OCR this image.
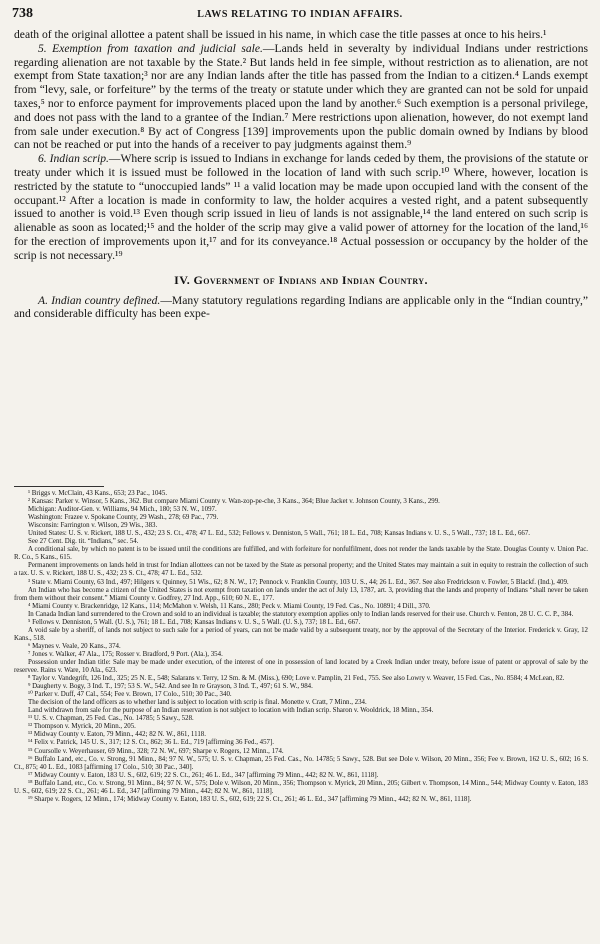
738	LAWS RELATING TO INDIAN AFFAIRS.

death of the original allottee a patent shall be issued in his name, in which case the title passes at once to his heirs.¹

5. Exemption from taxation and judicial sale.—Lands held in severalty by individual Indians under restrictions regarding alienation are not taxable by the State.² But lands held in fee simple, without restriction as to alienation, are not exempt from State taxation;³ nor are any Indian lands after the title has passed from the Indian to a citizen.⁴ Lands exempt from “levy, sale, or forfeiture” by the terms of the treaty or statute under which they are granted can not be sold for unpaid taxes,⁵ nor to enforce payment for improvements placed upon the land by another.⁶ Such exemption is a personal privilege, and does not pass with the land to a grantee of the Indian.⁷ Mere restrictions upon alienation, however, do not exempt land from sale under execution.⁸ By act of Congress [139] improvements upon the public domain owned by Indians by blood can not be reached or put into the hands of a receiver to pay judgments against them.⁹

6. Indian scrip.—Where scrip is issued to Indians in exchange for lands ceded by them, the provisions of the statute or treaty under which it is issued must be followed in the location of land with such scrip.¹⁰ Where, however, location is restricted by the statute to “unoccupied lands” ¹¹ a valid location may be made upon occupied land with the consent of the occupant.¹² After a location is made in conformity to law, the holder acquires a vested right, and a patent subsequently issued to another is void.¹³ Even though scrip issued in lieu of lands is not assignable,¹⁴ the land entered on such scrip is alienable as soon as located;¹⁵ and the holder of the scrip may give a valid power of attorney for the location of the land,¹⁶ for the erection of improvements upon it,¹⁷ and for its conveyance.¹⁸ Actual possession or occupancy by the holder of the scrip is not necessary.¹⁹

IV. Government of Indians and Indian Country.

A. Indian country defined.—Many statutory regulations regarding Indians are applicable only in the “Indian country,” and considerable difficulty has been expe-

¹ Briggs v. McClain, 43 Kans., 653; 23 Pac., 1045.

² Kansas: Parker v. Winsor, 5 Kans., 362. But compare Miami County v. Wan-zop-pe-che, 3 Kans., 364; Blue Jacket v. Johnson County, 3 Kans., 299.

Michigan: Auditor-Gen. v. Williams, 94 Mich., 180; 53 N. W., 1097.

Washington: Frazee v. Spokane County, 29 Wash., 278; 69 Pac., 779.

Wisconsin: Farrington v. Wilson, 29 Wis., 383.

United States: U. S. v. Rickert, 188 U. S., 432; 23 S. Ct., 478; 47 L. Ed., 532; Fellows v. Denniston, 5 Wall., 761; 18 L. Ed., 708; Kansas Indians v. U. S., 5 Wall., 737; 18 L. Ed., 667.

See 27 Cent. Dig. tit. “Indians,” sec. 54.

A conditional sale, by which no patent is to be issued until the conditions are fulfilled, and with forfeiture for nonfulfilment, does not render the lands taxable by the State. Douglas County v. Union Pac. R. Co., 5 Kans., 615.

Permanent improvements on lands held in trust for Indian allottees can not be taxed by the State as personal property; and the United States may maintain a suit in equity to restrain the collection of such a tax. U. S. v. Rickert, 188 U. S., 432; 23 S. Ct., 478; 47 L. Ed., 532.

³ State v. Miami County, 63 Ind., 497; Hilgers v. Quinney, 51 Wis., 62; 8 N. W., 17; Pennock v. Franklin County, 103 U. S., 44; 26 L. Ed., 367. See also Fredrickson v. Fowler, 5 Blackf. (Ind.), 409.

An Indian who has become a citizen of the United States is not exempt from taxation on lands under the act of July 13, 1787, art. 3, providing that the lands and property of Indians “shall never be taken from them without their consent.” Miami County v. Godfrey, 27 Ind. App., 610; 60 N. E., 177.

⁴ Miami County v. Brackenridge, 12 Kans., 114; McMahon v. Welsh, 11 Kans., 280; Peck v. Miami County, 19 Fed. Cas., No. 10891; 4 Dill., 370.

In Canada Indian land surrendered to the Crown and sold to an individual is taxable; the statutory exemption applies only to Indian lands reserved for their use. Church v. Fenton, 28 U. C. C. P., 384.

⁵ Fellows v. Denniston, 5 Wall. (U. S.), 761; 18 L. Ed., 708; Kansas Indians v. U. S., 5 Wall. (U. S.), 737; 18 L. Ed., 667.

A void sale by a sheriff, of lands not subject to such sale for a period of years, can not be made valid by a subsequent treaty, nor by the approval of the Secretary of the Interior. Frederick v. Gray, 12 Kans., 518.

⁶ Maynes v. Veale, 20 Kans., 374.

⁷ Jones v. Walker, 47 Ala., 175; Rosser v. Bradford, 9 Port. (Ala.), 354.

Possession under Indian title: Sale may be made under execution, of the interest of one in possession of land located by a Creek Indian under treaty, before issue of patent or approval of sale by the reservee. Rains v. Ware, 10 Ala., 623.

⁸ Taylor v. Vandegrift, 126 Ind., 325; 25 N. E., 548; Salarans v. Terry, 12 Sm. & M. (Miss.), 690; Love v. Pamplin, 21 Fed., 755. See also Lowry v. Weaver, 15 Fed. Cas., No. 8584; 4 McLean, 82.

⁹ Daugherty v. Bogy, 3 Ind. T., 197; 53 S. W., 542. And see In re Grayson, 3 Ind. T., 497; 61 S. W., 984.

¹⁰ Parker v. Duff, 47 Cal., 554; Fee v. Brown, 17 Colo., 510; 30 Pac., 340.

The decision of the land officers as to whether land is subject to location with scrip is final. Monette v. Cratt, 7 Minn., 234.

Land withdrawn from sale for the purpose of an Indian reservation is not subject to location with Indian scrip. Sharon v. Wooldrick, 18 Minn., 354.

¹¹ U. S. v. Chapman, 25 Fed. Cas., No. 14785; 5 Sawy., 528.

¹² Thompson v. Myrick, 20 Minn., 205.

¹³ Midway County v. Eaton, 79 Minn., 442; 82 N. W., 861, 1118.

¹⁴ Felix v. Patrick, 145 U. S., 317; 12 S. Ct., 862; 36 L. Ed., 719 [affirming 36 Fed., 457].

¹⁵ Coursolle v. Weyerhauser, 69 Minn., 328; 72 N. W., 697; Sharpe v. Rogers, 12 Minn., 174.

¹⁶ Buffalo Land, etc., Co. v. Strong, 91 Minn., 84; 97 N. W., 575; U. S. v. Chapman, 25 Fed. Cas., No. 14785; 5 Sawy., 528. But see Dole v. Wilson, 20 Minn., 356; Fee v. Brown, 162 U. S., 602; 16 S. Ct., 875; 40 L. Ed., 1083 [affirming 17 Colo., 510; 30 Pac., 340].

¹⁷ Midway County v. Eaton, 183 U. S., 602, 619; 22 S. Ct., 261; 46 L. Ed., 347 [affirming 79 Minn., 442; 82 N. W., 861, 1118].

¹⁸ Buffalo Land, etc., Co. v. Strong, 91 Minn., 84; 97 N. W., 575; Dole v. Wilson, 20 Minn., 356; Thompson v. Myrick, 20 Minn., 205; Gilbert v. Thompson, 14 Minn., 544; Midway County v. Eaton, 183 U. S., 602, 619; 22 S. Ct., 261; 46 L. Ed., 347 [affirming 79 Minn., 442; 82 N. W., 861, 1118].

¹⁹ Sharpe v. Rogers, 12 Minn., 174; Midway County v. Eaton, 183 U. S., 602, 619; 22 S. Ct., 261; 46 L. Ed., 347 [affirming 79 Minn., 442; 82 N. W., 861, 1118].
